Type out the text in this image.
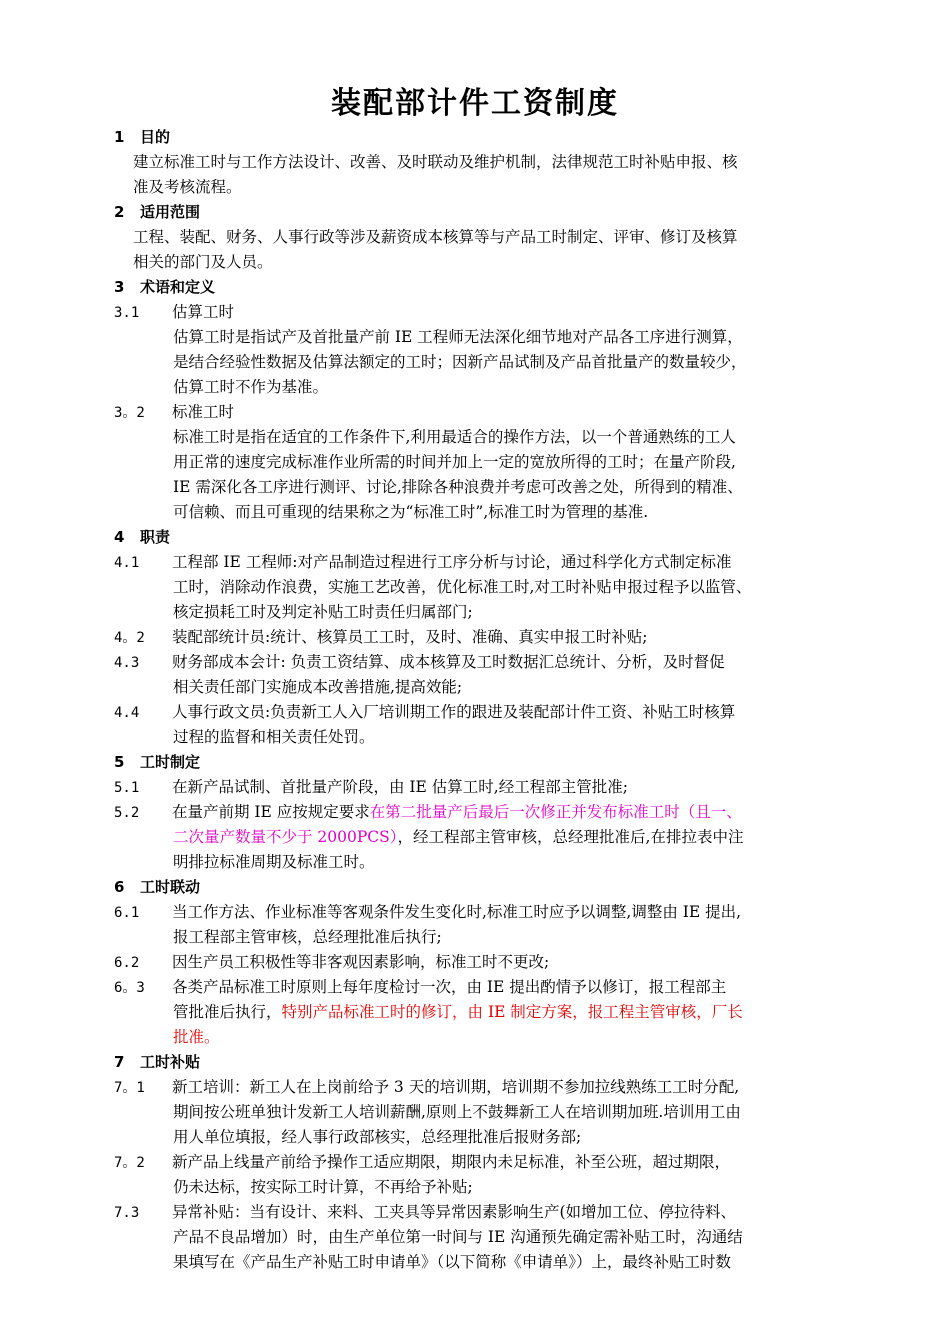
装配部计件工资制度
1 目的
建立标准工时与工作方法设计、改善、及时联动及维护机制，法律规范工时补贴申报、核
准及考核流程。
2 适用范围
工程、装配、财务、人事行政等涉及薪资成本核算等与产品工时制定、评审、修订及核算
相关的部门及人员。
3 术语和定义
3.1 估算工时
估算工时是指试产及首批量产前 IE 工程师无法深化细节地对产品各工序进行测算，
是结合经验性数据及估算法额定的工时；因新产品试制及产品首批量产的数量较少，
估算工时不作为基准。
3。2 标准工时
标准工时是指在适宜的工作条件下,利用最适合的操作方法，以一个普通熟练的工人
用正常的速度完成标准作业所需的时间并加上一定的宽放所得的工时；在量产阶段,
IE 需深化各工序进行测评、讨论,排除各种浪费并考虑可改善之处，所得到的精准、
可信赖、而且可重现的结果称之为“标准工时”,标准工时为管理的基准.
4 职责
4.1 工程部 IE 工程师:对产品制造过程进行工序分析与讨论，通过科学化方式制定标准
工时，消除动作浪费，实施工艺改善，优化标准工时,对工时补贴申报过程予以监管、
核定损耗工时及判定补贴工时责任归属部门;
4。2 装配部统计员:统计、核算员工工时，及时、准确、真实申报工时补贴;
4.3 财务部成本会计: 负责工资结算、成本核算及工时数据汇总统计、分析，及时督促
相关责任部门实施成本改善措施,提高效能;
4.4 人事行政文员:负责新工人入厂培训期工作的跟进及装配部计件工资、补贴工时核算
过程的监督和相关责任处罚。
5 工时制定
5.1 在新产品试制、首批量产阶段，由 IE 估算工时,经工程部主管批准;
5.2 在量产前期 IE 应按规定要求在第二批量产后最后一次修正并发布标准工时（且一、
二次量产数量不少于 2000PCS），经工程部主管审核，总经理批准后,在排拉表中注
明排拉标准周期及标准工时。
6 工时联动
6.1 当工作方法、作业标准等客观条件发生变化时,标准工时应予以调整,调整由 IE 提出,
报工程部主管审核，总经理批准后执行;
6.2 因生产员工积极性等非客观因素影响，标准工时不更改;
6。3 各类产品标准工时原则上每年度检讨一次，由 IE 提出酌情予以修订，报工程部主
管批准后执行，特别产品标准工时的修订，由 IE 制定方案，报工程主管审核，厂长
批准。
7 工时补贴
7。1 新工培训：新工人在上岗前给予 3 天的培训期，培训期不参加拉线熟练工工时分配,
期间按公班单独计发新工人培训薪酬,原则上不鼓舞新工人在培训期加班.培训用工由
用人单位填报，经人事行政部核实，总经理批准后报财务部;
7。2 新产品上线量产前给予操作工适应期限，期限内未足标准，补至公班，超过期限，
仍未达标，按实际工时计算，不再给予补贴;
7.3 异常补贴：当有设计、来料、工夹具等异常因素影响生产(如增加工位、停拉待料、
产品不良品增加）时，由生产单位第一时间与 IE 沟通预先确定需补贴工时，沟通结
果填写在《产品生产补贴工时申请单》（以下简称《申请单》）上，最终补贴工时数
